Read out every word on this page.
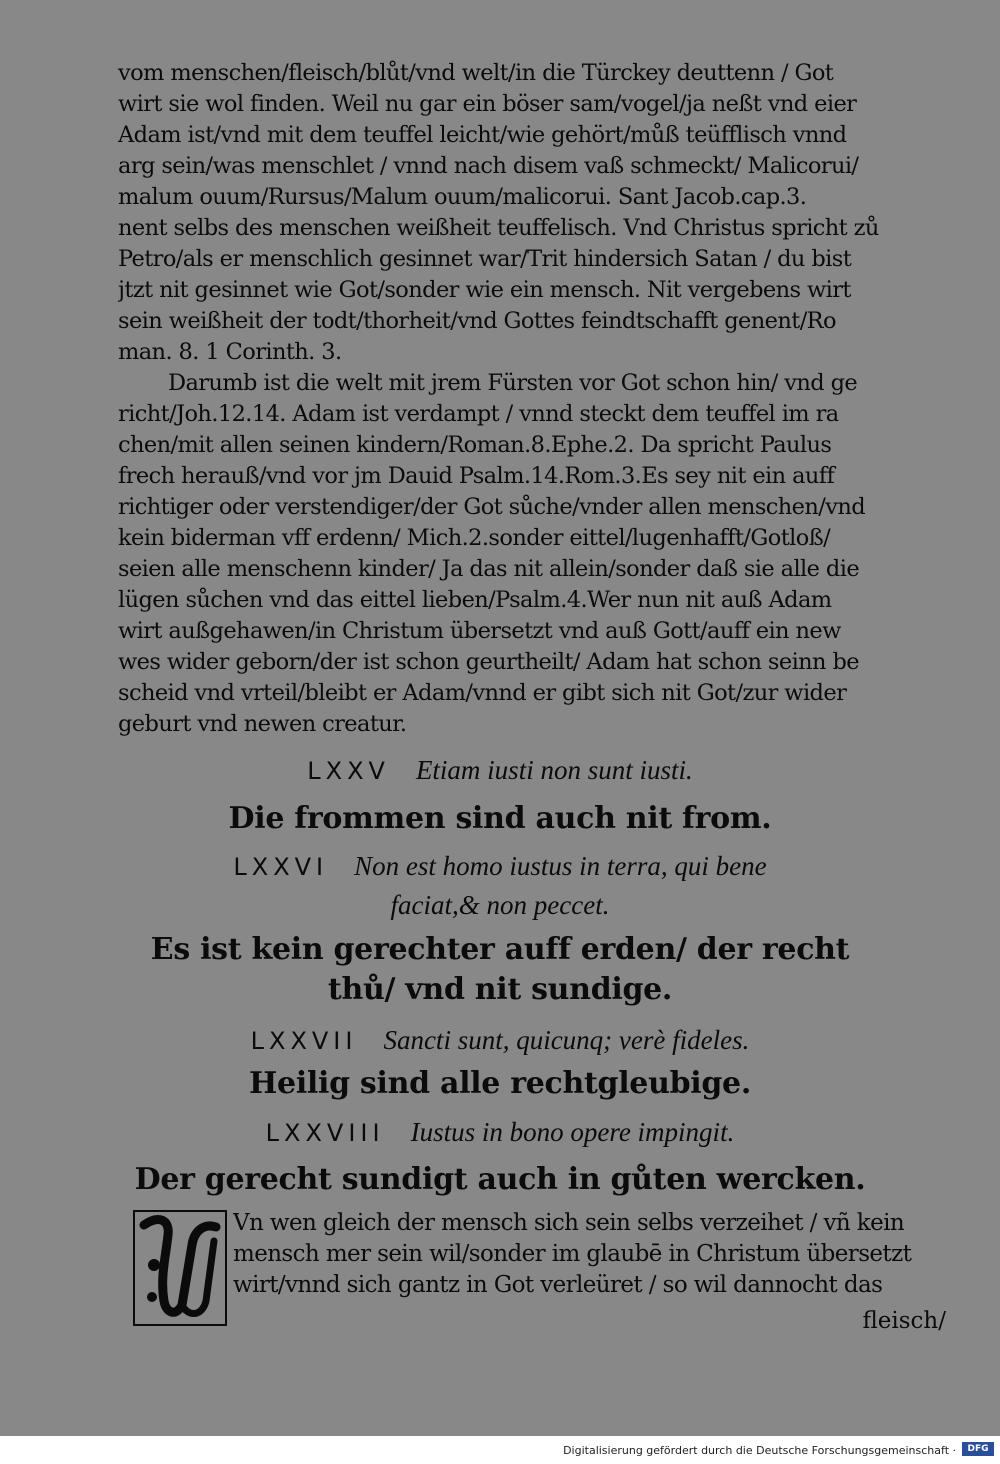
vom menschen/fleisch/blůt/vnd welt/in die Türckey deuttenn / Got
wirt sie wol finden. Weil nu gar ein böser sam/vogel/ja neßt vnd eier
Adam ist/vnd mit dem teuffel leicht/wie gehört/můß teüfflisch vnnd
arg sein/was menschlet / vnnd nach disem vaß schmeckt/ Malicorui/
malum ouum/Rursus/Malum ouum/malicorui. Sant Jacob.cap.3.
nent selbs des menschen weißheit teuffelisch. Vnd Christus spricht zů
Petro/als er menschlich gesinnet war/Trit hindersich Satan / du bist
jtzt nit gesinnet wie Got/sonder wie ein mensch. Nit vergebens wirt
sein weißheit der todt/thorheit/vnd Gottes feindtschafft genent/Ro
man. 8. 1 Corinth. 3.
Darumb ist die welt mit jrem Fürsten vor Got schon hin/ vnd ge
richt/Joh.12.14. Adam ist verdampt / vnnd steckt dem teuffel im ra
chen/mit allen seinen kindern/Roman.8.Ephe.2. Da spricht Paulus
frech herauß/vnd vor jm Dauid Psalm.14.Rom.3.Es sey nit ein auff
richtiger oder verstendiger/der Got sůche/vnder allen menschen/vnd
kein biderman vff erdenn/ Mich.2.sonder eittel/lugenhafft/Gotloß/
seien alle menschenn kinder/ Ja das nit allein/sonder daß sie alle die
lügen sůchen vnd das eittel lieben/Psalm.4.Wer nun nit auß Adam
wirt außgehawen/in Christum übersetzt vnd auß Gott/auff ein new
wes wider geborn/der ist schon geurtheilt/ Adam hat schon seinn be
scheid vnd vrteil/bleibt er Adam/vnnd er gibt sich nit Got/zur wider
geburt vnd newen creatur.
LXXV Etiam iusti non sunt iusti.
Die frommen sind auch nit from.
LXXVI Non est homo iustus in terra, qui bene
faciat,& non peccet.
Es ist kein gerechter auff erden/ der recht
thů/ vnd nit sundige.
LXXVII Sancti sunt, quicunq; verè fideles.
Heilig sind alle rechtgleubige.
LXXVIII Iustus in bono opere impingit.
Der gerecht sundigt auch in gůten wercken.
W
Vn wen gleich der mensch sich sein selbs verzeihet / vñ kein
mensch mer sein wil/sonder im glaubē in Christum übersetzt
wirt/vnnd sich gantz in Got verleüret / so wil dannocht das
fleisch/
Digitalisierung gefördert durch die Deutsche Forschungsgemeinschaft ·	DFG
